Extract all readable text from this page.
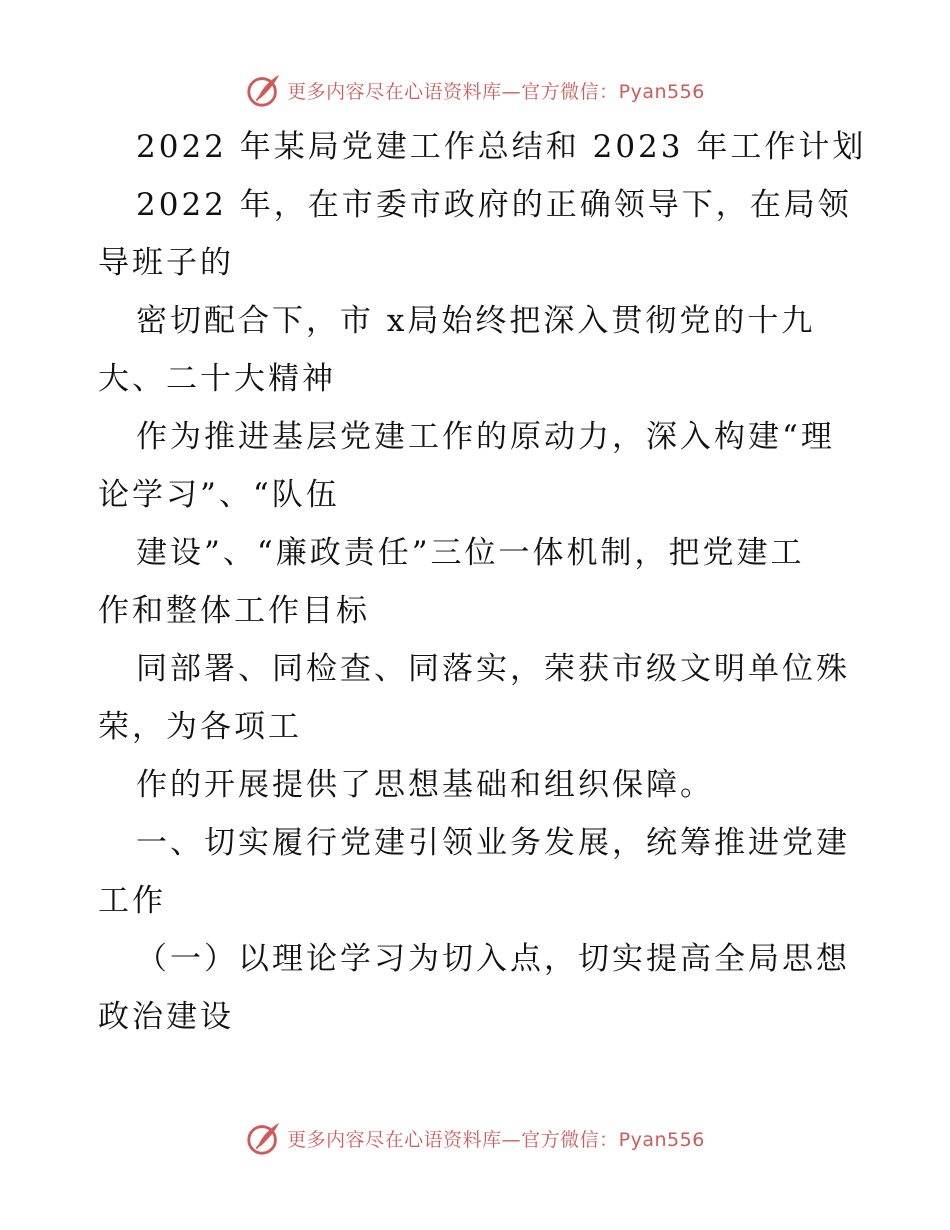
更多内容尽在心语资料库—官方微信：Pyan556
2022 年某局党建工作总结和 2023 年工作计划
2022 年，在市委市政府的正确领导下，在局领
导班子的
密切配合下，市 x局始终把深入贯彻党的十九
大、二十大精神
作为推进基层党建工作的原动力，深入构建“理
论学习”、“队伍
建设”、“廉政责任”三位一体机制，把党建工
作和整体工作目标
同部署、同检查、同落实，荣获市级文明单位殊
荣，为各项工
作的开展提供了思想基础和组织保障。
一、切实履行党建引领业务发展，统筹推进党建
工作
（一）以理论学习为切入点，切实提高全局思想
政治建设
更多内容尽在心语资料库—官方微信：Pyan556
